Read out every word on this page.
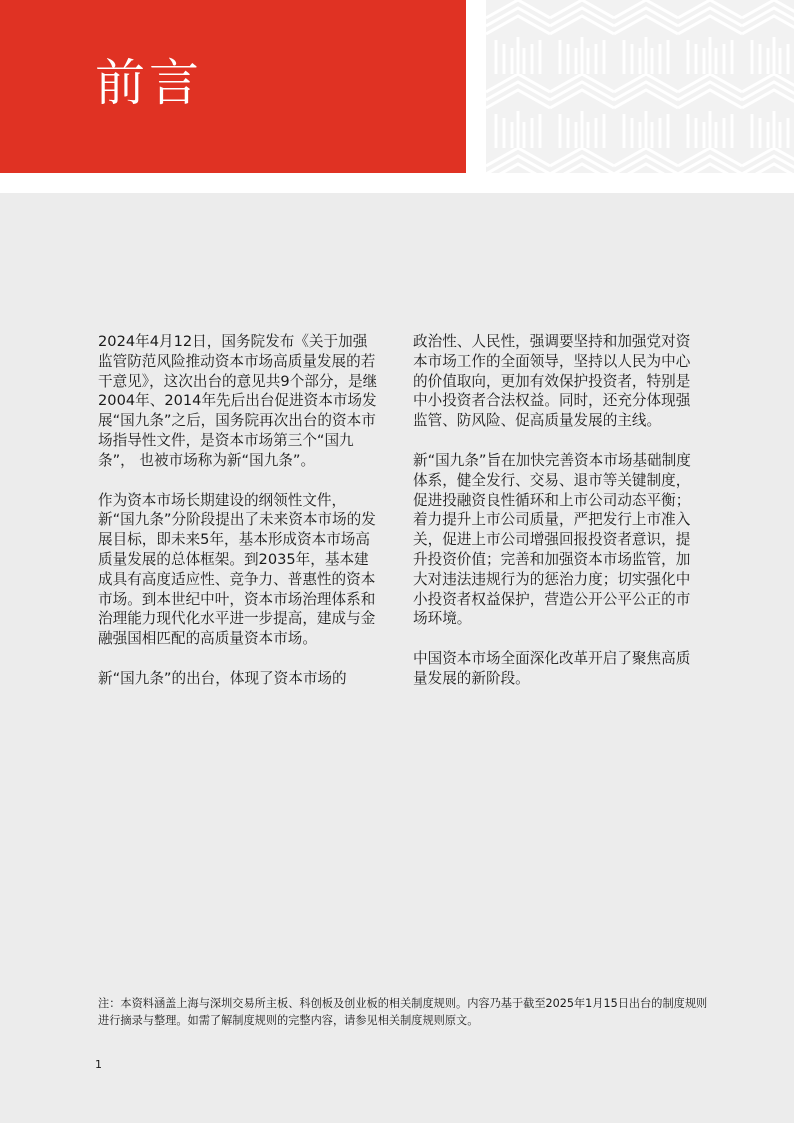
前言

2024年4月12日，国务院发布《关于加强监管防范风险推动资本市场高质量发展的若干意见》，这次出台的意见共9个部分，是继2004年、2014年先后出台促进资本市场发展“国九条”之后，国务院再次出台的资本市场指导性文件，是资本市场第三个“国九条”， 也被市场称为新“国九条”。

作为资本市场长期建设的纲领性文件，新“国九条”分阶段提出了未来资本市场的发展目标，即未来5年，基本形成资本市场高质量发展的总体框架。到2035年，基本建成具有高度适应性、竞争力、普惠性的资本市场。到本世纪中叶，资本市场治理体系和治理能力现代化水平进一步提高，建成与金融强国相匹配的高质量资本市场。

新“国九条”的出台，体现了资本市场的

政治性、人民性，强调要坚持和加强党对资本市场工作的全面领导，坚持以人民为中心的价值取向，更加有效保护投资者，特别是中小投资者合法权益。同时，还充分体现强监管、防风险、促高质量发展的主线。

新“国九条”旨在加快完善资本市场基础制度体系，健全发行、交易、退市等关键制度，促进投融资良性循环和上市公司动态平衡；着力提升上市公司质量，严把发行上市准入关，促进上市公司增强回报投资者意识，提升投资价值；完善和加强资本市场监管，加大对违法违规行为的惩治力度；切实强化中小投资者权益保护，营造公开公平公正的市场环境。

中国资本市场全面深化改革开启了聚焦高质量发展的新阶段。

注：本资料涵盖上海与深圳交易所主板、科创板及创业板的相关制度规则。内容乃基于截至2025年1月15日出台的制度规则进行摘录与整理。如需了解制度规则的完整内容，请参见相关制度规则原文。

1
